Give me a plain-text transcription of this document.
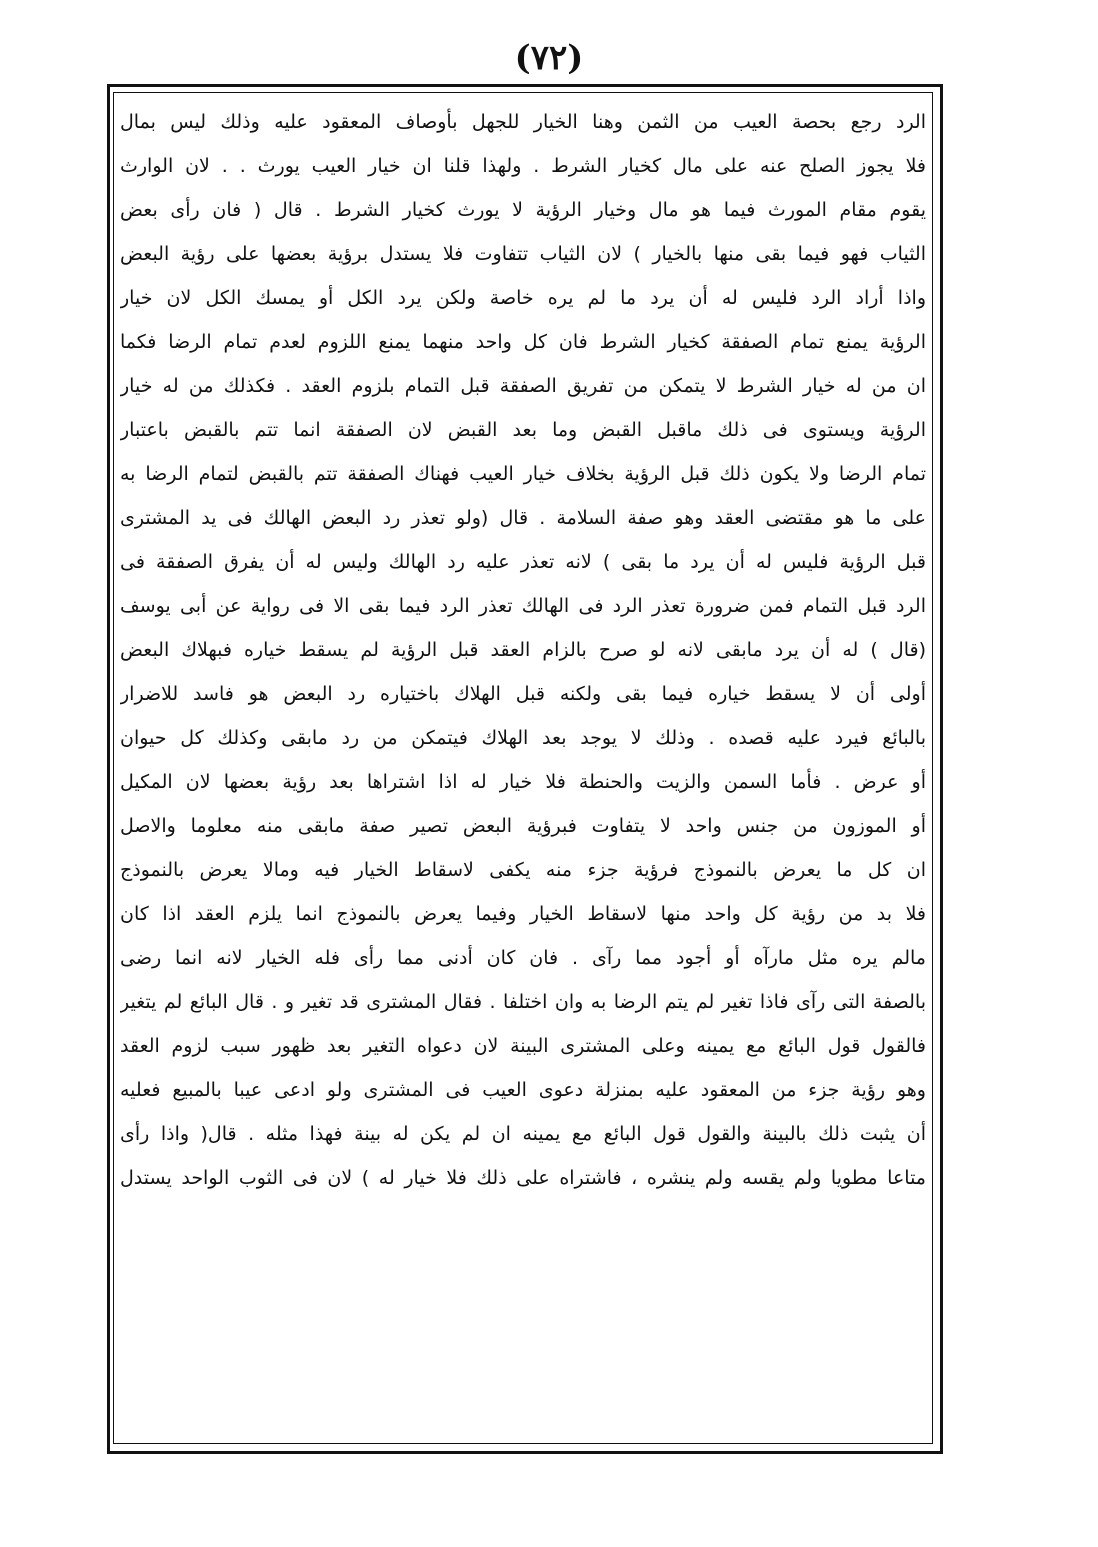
(٧٢)
الرد رجع بحصة العيب من الثمن وهنا الخيار للجهل بأوصاف المعقود عليه وذلك ليس بمال
فلا يجوز الصلح عنه على مال كخيار الشرط . ولهذا قلنا ان خيار العيب يورث . . لان الوارث
يقوم مقام المورث فيما هو مال وخيار الرؤية لا يورث كخيار الشرط . قال ( فان رأى بعض
الثياب فهو فيما بقى منها بالخيار ) لان الثياب تتفاوت فلا يستدل برؤية بعضها على رؤية البعض
واذا أراد الرد فليس له أن يرد ما لم يره خاصة ولكن يرد الكل أو يمسك الكل لان خيار
الرؤية يمنع تمام الصفقة كخيار الشرط فان كل واحد منهما يمنع اللزوم لعدم تمام الرضا فكما
ان من له خيار الشرط لا يتمكن من تفريق الصفقة قبل التمام بلزوم العقد . فكذلك من له خيار
الرؤية ويستوى فى ذلك ماقبل القبض وما بعد القبض لان الصفقة انما تتم بالقبض باعتبار
تمام الرضا ولا يكون ذلك قبل الرؤية بخلاف خيار العيب فهناك الصفقة تتم بالقبض لتمام الرضا به
على ما هو مقتضى العقد وهو صفة السلامة . قال (ولو تعذر رد البعض الهالك فى يد المشترى
قبل الرؤية فليس له أن يرد ما بقى ) لانه تعذر عليه رد الهالك وليس له أن يفرق الصفقة فى
الرد قبل التمام فمن ضرورة تعذر الرد فى الهالك تعذر الرد فيما بقى الا فى رواية عن أبى يوسف
(قال ) له أن يرد مابقى لانه لو صرح بالزام العقد قبل الرؤية لم يسقط خياره فبهلاك البعض
أولى أن لا يسقط خياره فيما بقى ولكنه قبل الهلاك باختياره رد البعض هو فاسد للاضرار
بالبائع فيرد عليه قصده . وذلك لا يوجد بعد الهلاك فيتمكن من رد مابقى وكذلك كل حيوان
أو عرض . فأما السمن والزيت والحنطة فلا خيار له اذا اشتراها بعد رؤية بعضها لان المكيل
أو الموزون من جنس واحد لا يتفاوت فبرؤية البعض تصير صفة مابقى منه معلوما والاصل
ان كل ما يعرض بالنموذج فرؤية جزء منه يكفى لاسقاط الخيار فيه ومالا يعرض بالنموذج
فلا بد من رؤية كل واحد منها لاسقاط الخيار وفيما يعرض بالنموذج انما يلزم العقد اذا كان
مالم يره مثل مارآه أو أجود مما رآى . فان كان أدنى مما رأى فله الخيار لانه انما رضى
بالصفة التى رآى فاذا تغير لم يتم الرضا به وان اختلفا . فقال المشترى قد تغير و . قال البائع لم يتغير
فالقول قول البائع مع يمينه وعلى المشترى البينة لان دعواه التغير بعد ظهور سبب لزوم العقد
وهو رؤية جزء من المعقود عليه بمنزلة دعوى العيب فى المشترى ولو ادعى عيبا بالمبيع فعليه
أن يثبت ذلك بالبينة والقول قول البائع مع يمينه ان لم يكن له بينة فهذا مثله . قال( واذا رأى
متاعا مطويا ولم يقسه ولم ينشره ، فاشتراه على ذلك فلا خيار له ) لان فى الثوب الواحد يستدل
